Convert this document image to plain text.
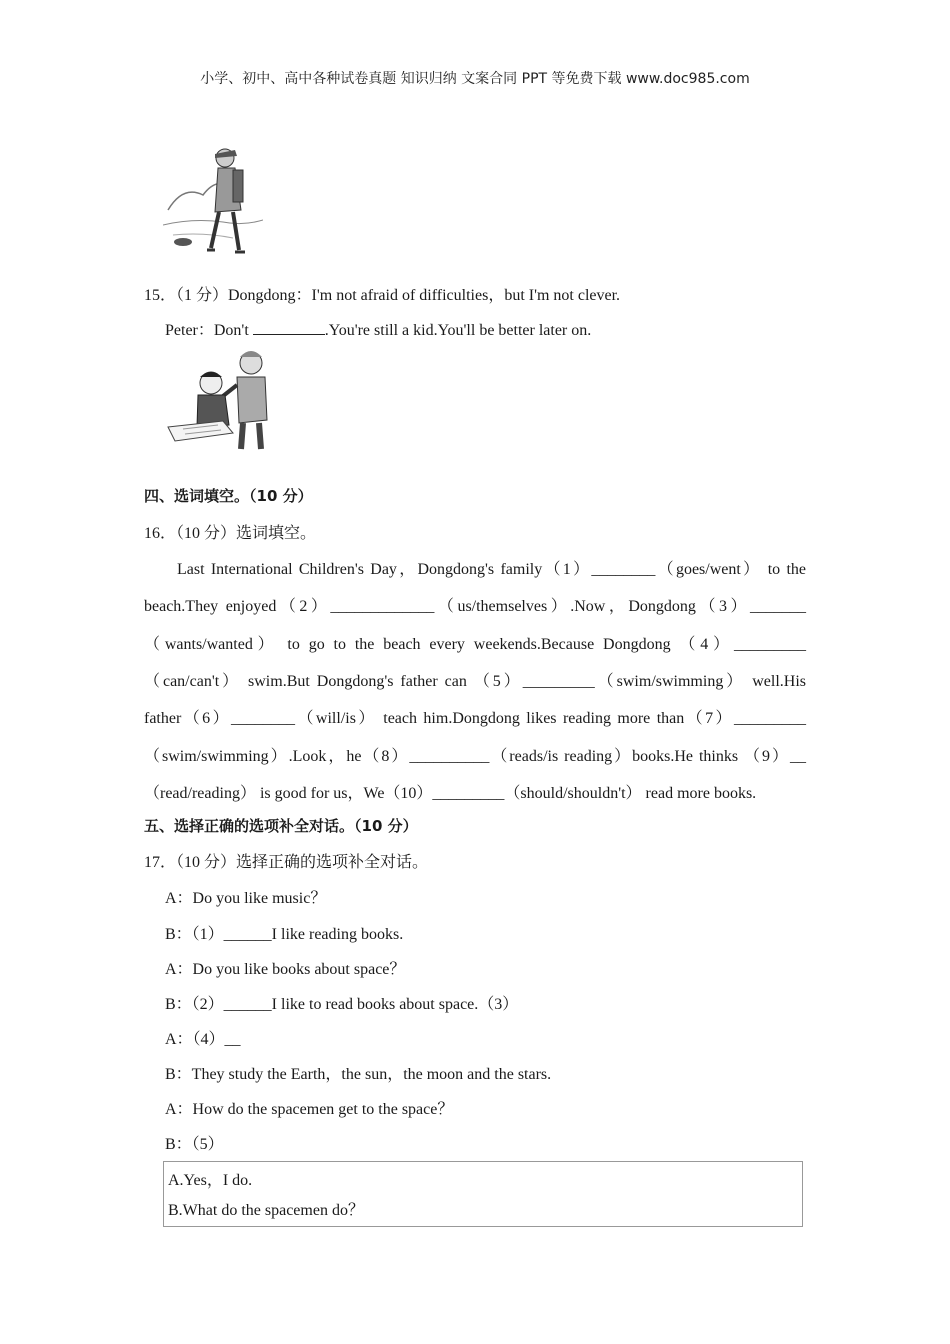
小学、初中、高中各种试卷真题 知识归纳 文案合同 PPT 等免费下载 www.doc985.com
15．（1 分）Dongdong：I'm not afraid of difficulties，but I'm not clever.
Peter：Don't	.You're still a kid.You'll be better later on.
四、选词填空。（10 分）
16．（10 分）选词填空。
Last International Children's Day，Dongdong's family（1）________（goes/went） to the
beach.They enjoyed（2）_____________（us/themselves）.Now，Dongdong（3）_______
（wants/wanted） to go to the beach every weekends.Because Dongdong （4）_________
（can/can't） swim.But Dongdong's father can （5）_________（swim/swimming） well.His
father（6）________（will/is） teach him.Dongdong likes reading more than（7）_________
（swim/swimming）.Look，he（8）__________（reads/is reading）books.He thinks （9）__
（read/reading） is good for us，We（10）_________（should/shouldn't） read more books.
五、选择正确的选项补全对话。（10 分）
17．（10 分）选择正确的选项补全对话。
A：Do you like music？
B：（1）______I like reading books.
A：Do you like books about space？
B：（2）______I like to read books about space.（3）
A：（4）__
B：They study the Earth，the sun，the moon and the stars.
A：How do the spacemen get to the space？
B：（5）
A.Yes，I do.
B.What do the spacemen do？
